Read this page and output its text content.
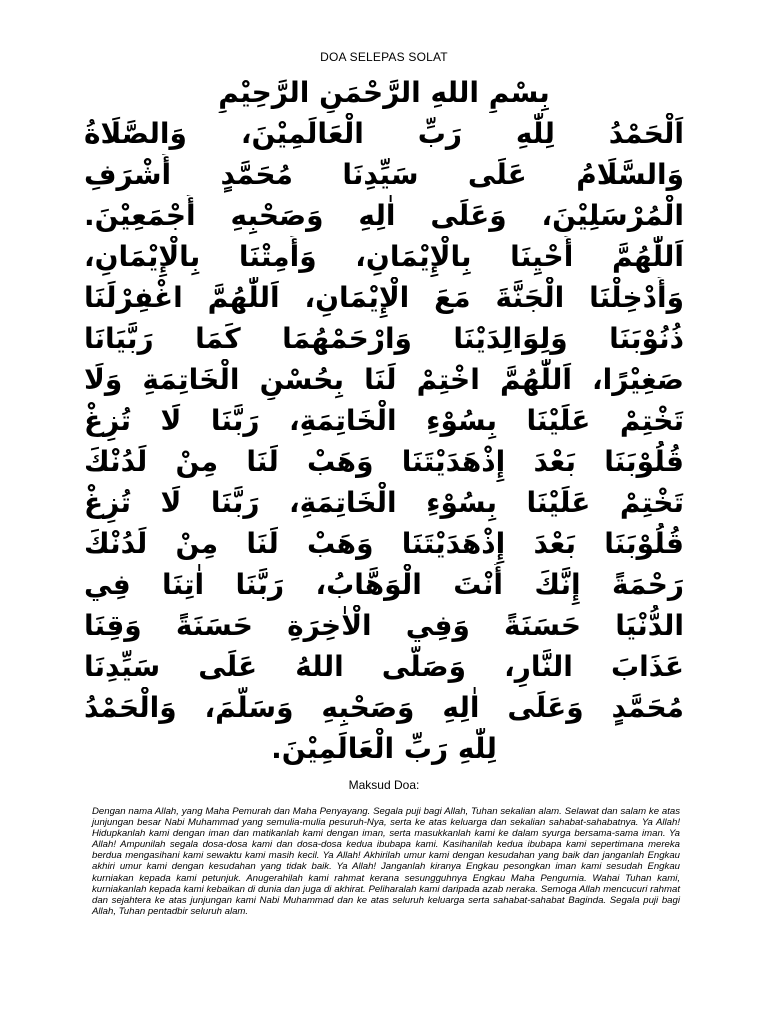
DOA SELEPAS SOLAT
بِسْمِ اللهِ الرَّحْمَنِ الرَّحِيْمِ
اَلْحَمْدُ لِلّٰهِ رَبِّ الْعَالَمِيْنَ، وَالصَّلَاةُ
وَالسَّلَامُ عَلَى سَيِّدِنَا مُحَمَّدٍ أَشْرَفِ
الْمُرْسَلِيْنَ، وَعَلَى اٰلِهِ وَصَحْبِهِ أَجْمَعِيْنَ.
اَللّٰهُمَّ أَحْيِنَا بِالْإِيْمَانِ، وَأَمِتْنَا بِالْإِيْمَانِ،
وَأَدْخِلْنَا الْجَنَّةَ مَعَ الْإِيْمَانِ، اَللّٰهُمَّ اغْفِرْلَنَا
ذُنُوْبَنَا وَلِوَالِدَيْنَا وَارْحَمْهُمَا كَمَا رَبَّيَانَا
صَغِيْرًا، اَللّٰهُمَّ اخْتِمْ لَنَا بِحُسْنِ الْخَاتِمَةِ وَلَا
تَخْتِمْ عَلَيْنَا بِسُوْءِ الْخَاتِمَةِ، رَبَّنَا لَا تُزِغْ
قُلُوْبَنَا بَعْدَ إِذْهَدَيْتَنَا وَهَبْ لَنَا مِنْ لَدُنْكَ
تَخْتِمْ عَلَيْنَا بِسُوْءِ الْخَاتِمَةِ، رَبَّنَا لَا تُزِغْ
قُلُوْبَنَا بَعْدَ إِذْهَدَيْتَنَا وَهَبْ لَنَا مِنْ لَدُنْكَ
رَحْمَةً إِنَّكَ أَنْتَ الْوَهَّابُ، رَبَّنَا اٰتِنَا فِي
الدُّنْيَا حَسَنَةً وَفِي الْاٰخِرَةِ حَسَنَةً وَقِنَا
عَذَابَ النَّارِ، وَصَلَّى اللهُ عَلَى سَيِّدِنَا
مُحَمَّدٍ وَعَلَى اٰلِهِ وَصَحْبِهِ وَسَلَّمَ، وَالْحَمْدُ
لِلّٰهِ رَبِّ الْعَالَمِيْنَ.
Maksud Doa:

Dengan nama Allah, yang Maha Pemurah dan Maha Penyayang. Segala puji bagi Allah, Tuhan sekalian alam. Selawat dan salam ke atas junjungan besar Nabi Muhammad yang semulia-mulia pesuruh-Nya, serta ke atas keluarga dan sekalian sahabat-sahabatnya. Ya Allah! Hidupkanlah kami dengan iman dan matikanlah kami dengan iman, serta masukkanlah kami ke dalam syurga bersama-sama iman. Ya Allah! Ampunilah segala dosa-dosa kami dan dosa-dosa kedua ibubapa kami. Kasihanilah kedua ibubapa kami sepertimana mereka berdua mengasihani kami sewaktu kami masih kecil. Ya Allah! Akhirilah umur kami dengan kesudahan yang baik dan janganlah Engkau akhiri umur kami dengan kesudahan yang tidak baik. Ya Allah! Janganlah kiranya Engkau pesongkan iman kami sesudah Engkau kurniakan kepada kami petunjuk. Anugerahilah kami rahmat kerana sesungguhnya Engkau Maha Pengurnia. Wahai Tuhan kami, kurniakanlah kepada kami kebaikan di dunia dan juga di akhirat. Peliharalah kami daripada azab neraka. Semoga Allah mencucuri rahmat dan sejahtera ke atas junjungan kami Nabi Muhammad dan ke atas seluruh keluarga serta sahabat-sahabat Baginda. Segala puji bagi Allah, Tuhan pentadbir seluruh alam.
